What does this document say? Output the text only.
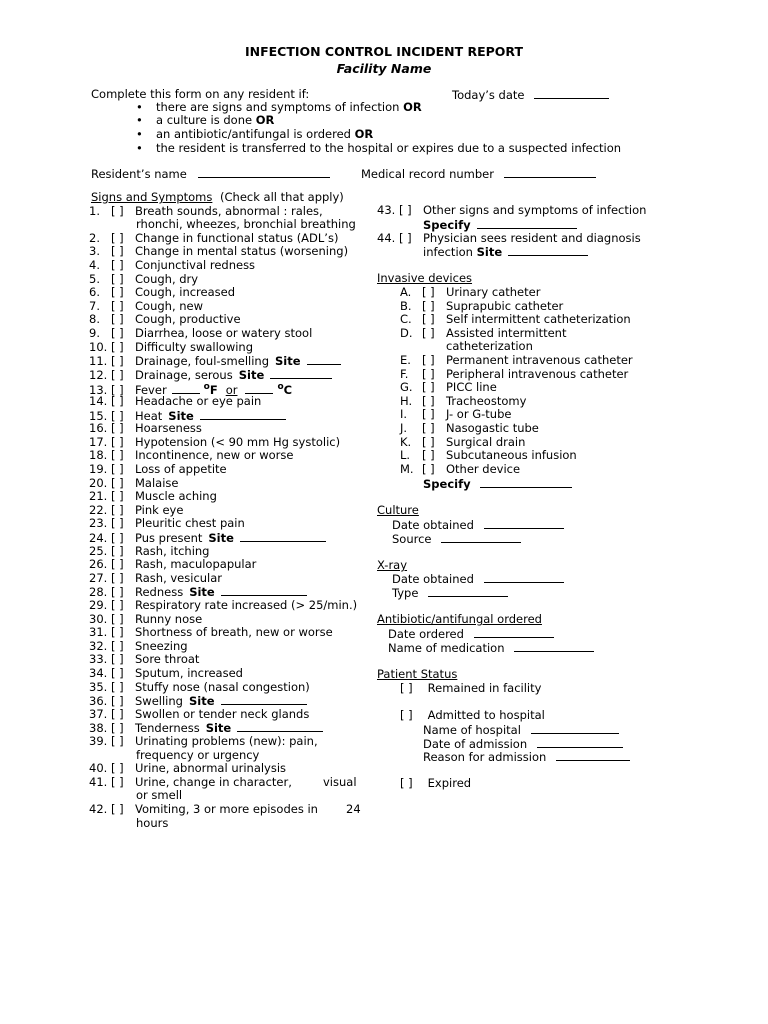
INFECTION CONTROL INCIDENT REPORT
Facility Name
Complete this form on any resident if:	Today’s date
• there are signs and symptoms of infection OR
• a culture is done OR
• an antibiotic/antifungal is ordered OR
• the resident is transferred to the hospital or expires due to a suspected infection
Resident’s name	Medical record number
Signs and Symptoms (Check all that apply)
1. [ ] Breath sounds, abnormal : rales,
rhonchi, wheezes, bronchial breathing
2. [ ] Change in functional status (ADL’s)
3. [ ] Change in mental status (worsening)
4. [ ] Conjunctival redness
5. [ ] Cough, dry
6. [ ] Cough, increased
7. [ ] Cough, new
8. [ ] Cough, productive
9. [ ] Diarrhea, loose or watery stool
10. [ ] Difficulty swallowing
11. [ ] Drainage, foul-smelling Site
12. [ ] Drainage, serous Site
13. [ ] Fever	$^o$F or	$^o$C
14. [ ] Headache or eye pain
15. [ ] Heat Site
16. [ ] Hoarseness
17. [ ] Hypotension (< 90 mm Hg systolic)
18. [ ] Incontinence, new or worse
19. [ ] Loss of appetite
20. [ ] Malaise
21. [ ] Muscle aching
22. [ ] Pink eye
23. [ ] Pleuritic chest pain
24. [ ] Pus present Site
25. [ ] Rash, itching
26. [ ] Rash, maculopapular
27. [ ] Rash, vesicular
28. [ ] Redness Site
29. [ ] Respiratory rate increased (> 25/min.)
30. [ ] Runny nose
31. [ ] Shortness of breath, new or worse
32. [ ] Sneezing
33. [ ] Sore throat
34. [ ] Sputum, increased
35. [ ] Stuffy nose (nasal congestion)
36. [ ] Swelling Site
37. [ ] Swollen or tender neck glands
38. [ ] Tenderness Site
39. [ ] Urinating problems (new): pain,
frequency or urgency
40. [ ] Urine, abnormal urinalysis
41. [ ] Urine, change in character,	visual
or smell
42. [ ] Vomiting, 3 or more episodes in 24
hours
43. [ ] Other signs and symptoms of infection
Specify
44. [ ] Physician sees resident and diagnosis
infection Site
Invasive devices
A. [ ] Urinary catheter
B. [ ] Suprapubic catheter
C. [ ] Self intermittent catheterization
D. [ ] Assisted intermittent
catheterization
E. [ ] Permanent intravenous catheter
F. [ ] Peripheral intravenous catheter
G. [ ] PICC line
H. [ ] Tracheostomy
I. [ ] J- or G-tube
J. [ ] Nasogastic tube
K. [ ] Surgical drain
L. [ ] Subcutaneous infusion
M. [ ] Other device
Specify
Culture
Date obtained
Source
X-ray
Date obtained
Type
Antibiotic/antifungal ordered
Date ordered
Name of medication
Patient Status
[ ] Remained in facility
[ ] Admitted to hospital
Name of hospital
Date of admission
Reason for admission
[ ] Expired
